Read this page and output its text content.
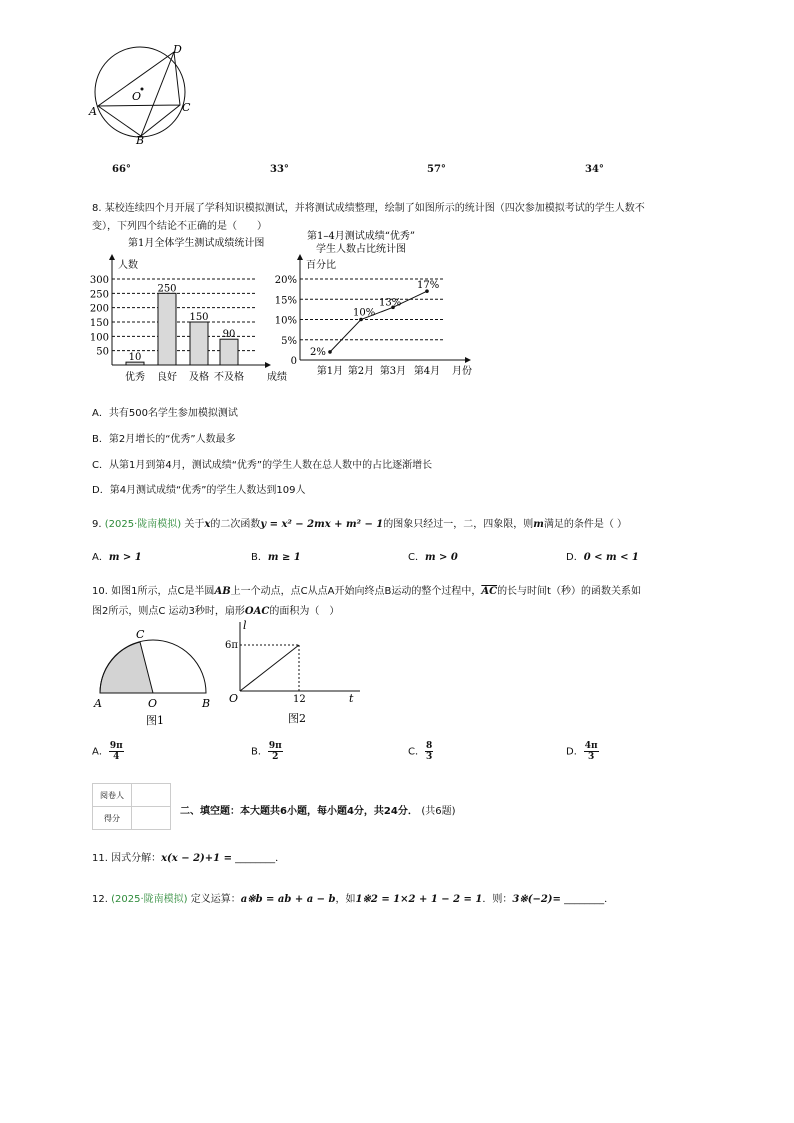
D
O
A	C
B
66°	33°	57°	34°
8. 某校连续四个月开展了学科知识模拟测试，并将测试成绩整理，绘制了如图所示的统计图（四次参加模拟考试的学生人数不
变），下列四个结论不正确的是（　　）
第1月全体学生测试成绩统计图
人数
成绩
50
100
150
200
250
300
10
优秀
250
良好
150
及格
90
不及格
第1–4月测试成绩“优秀”
学生人数占比统计图
百分比
月份
0
5%
10%
15%
20%
2%
第1月
10%
第2月
13%
第3月
17%
第4月
A．共有500名学生参加模拟测试
B．第2月增长的“优秀”人数最多
C．从第1月到第4月，测试成绩“优秀”的学生人数在总人数中的占比逐渐增长
D．第4月测试成绩“优秀”的学生人数达到109人
9. (2025·陇南模拟) 关于x的二次函数y = x² − 2mx + m² − 1的图象只经过一，二，四象限，则m满足的条件是（ ）
A．m > 1	B．m ≥ 1	C．m > 0	D．0 < m < 1
10. 如图1所示，点C是半圆AB上一个动点，点C从点A开始向终点B运动的整个过程中，$\overline{AC}$的长与时间t（秒）的函数关系如
图2所示，则点C 运动3秒时，扇形OAC的面积为（　）
A	O	B
C
图1
l
6π
O	12	t
图2
A． $\frac{9\pi}{4}$	B． $\frac{9\pi}{2}$	C． $\frac{8}{3}$	D． $\frac{4\pi}{3}$
阅卷人	
得分	
二、填空题：本大题共6小题，每小题4分，共24分． (共6题)
11. 因式分解：x(x − 2)+1 = ________．
12. (2025·陇南模拟) 定义运算：a※b = ab + a − b，如1※2 = 1×2 + 1 − 2 = 1．则：3※(−2)= ________．
